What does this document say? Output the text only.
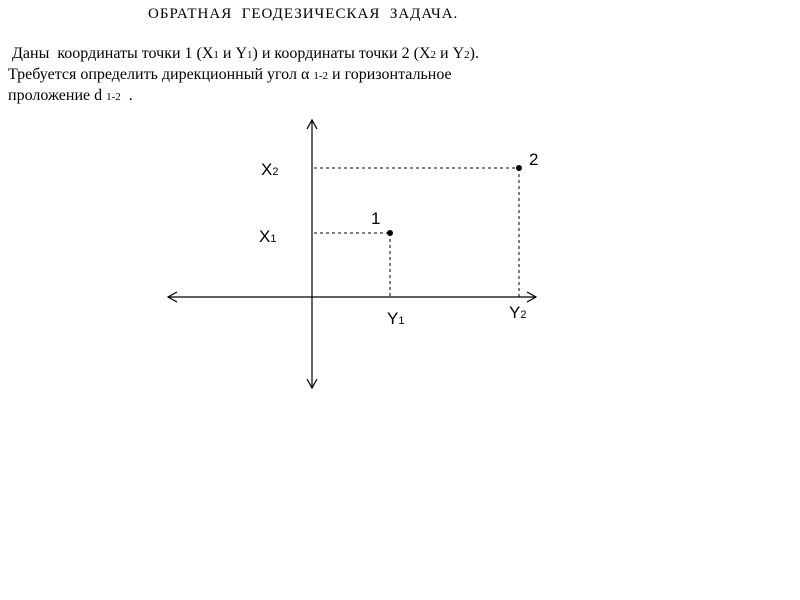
ОБРАТНАЯ  ГЕОДЕЗИЧЕСКАЯ  ЗАДАЧА.
Даны  координаты точки 1 (X1 и Y1) и координаты точки 2 (X2 и Y2).
Требуется определить дирекционный угол α 1-2 и горизонтальное
проложение d 1-2  .
1
2
X2
X1
Y1	Y2
